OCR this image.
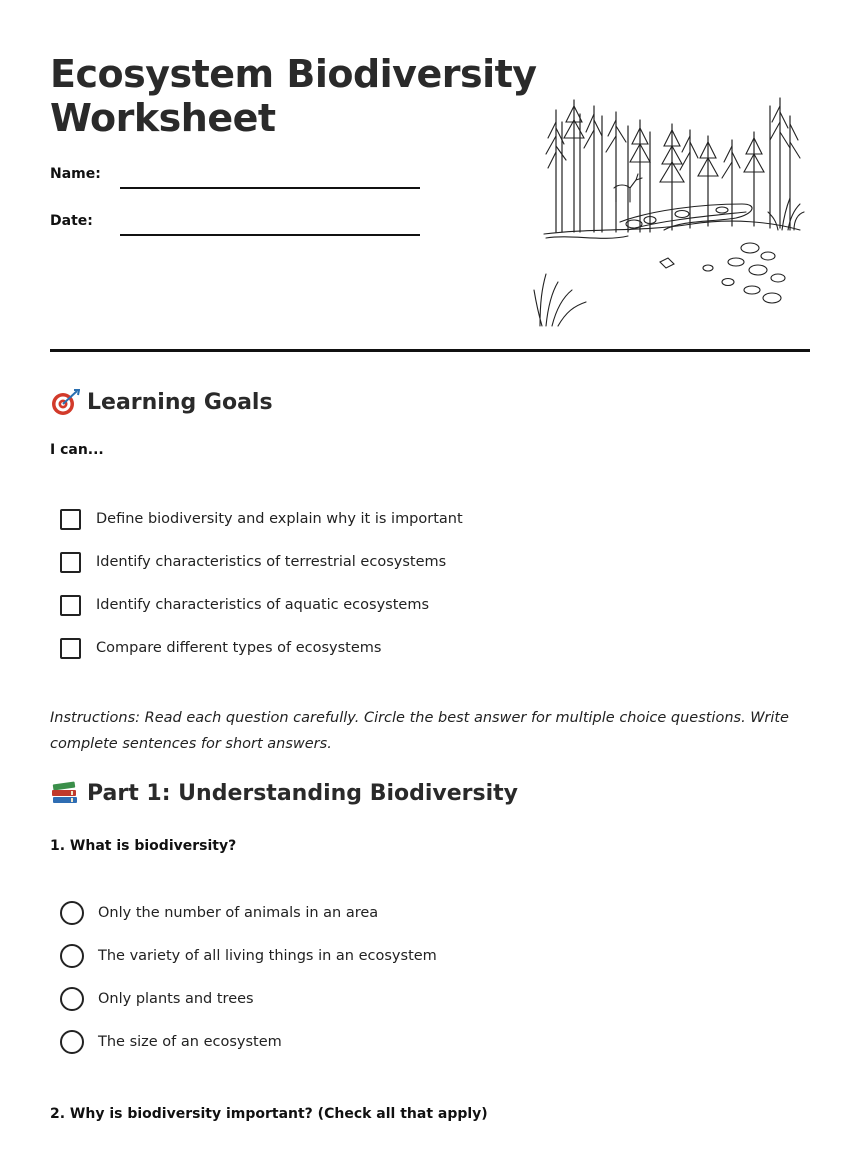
Ecosystem Biodiversity
Worksheet
Name:
Date:
Learning Goals
I can...
Define biodiversity and explain why it is important
Identify characteristics of terrestrial ecosystems
Identify characteristics of aquatic ecosystems
Compare different types of ecosystems
Instructions: Read each question carefully. Circle the best answer for multiple choice questions. Write complete sentences for short answers.
Part 1: Understanding Biodiversity
1. What is biodiversity?
Only the number of animals in an area
The variety of all living things in an ecosystem
Only plants and trees
The size of an ecosystem
2. Why is biodiversity important? (Check all that apply)
